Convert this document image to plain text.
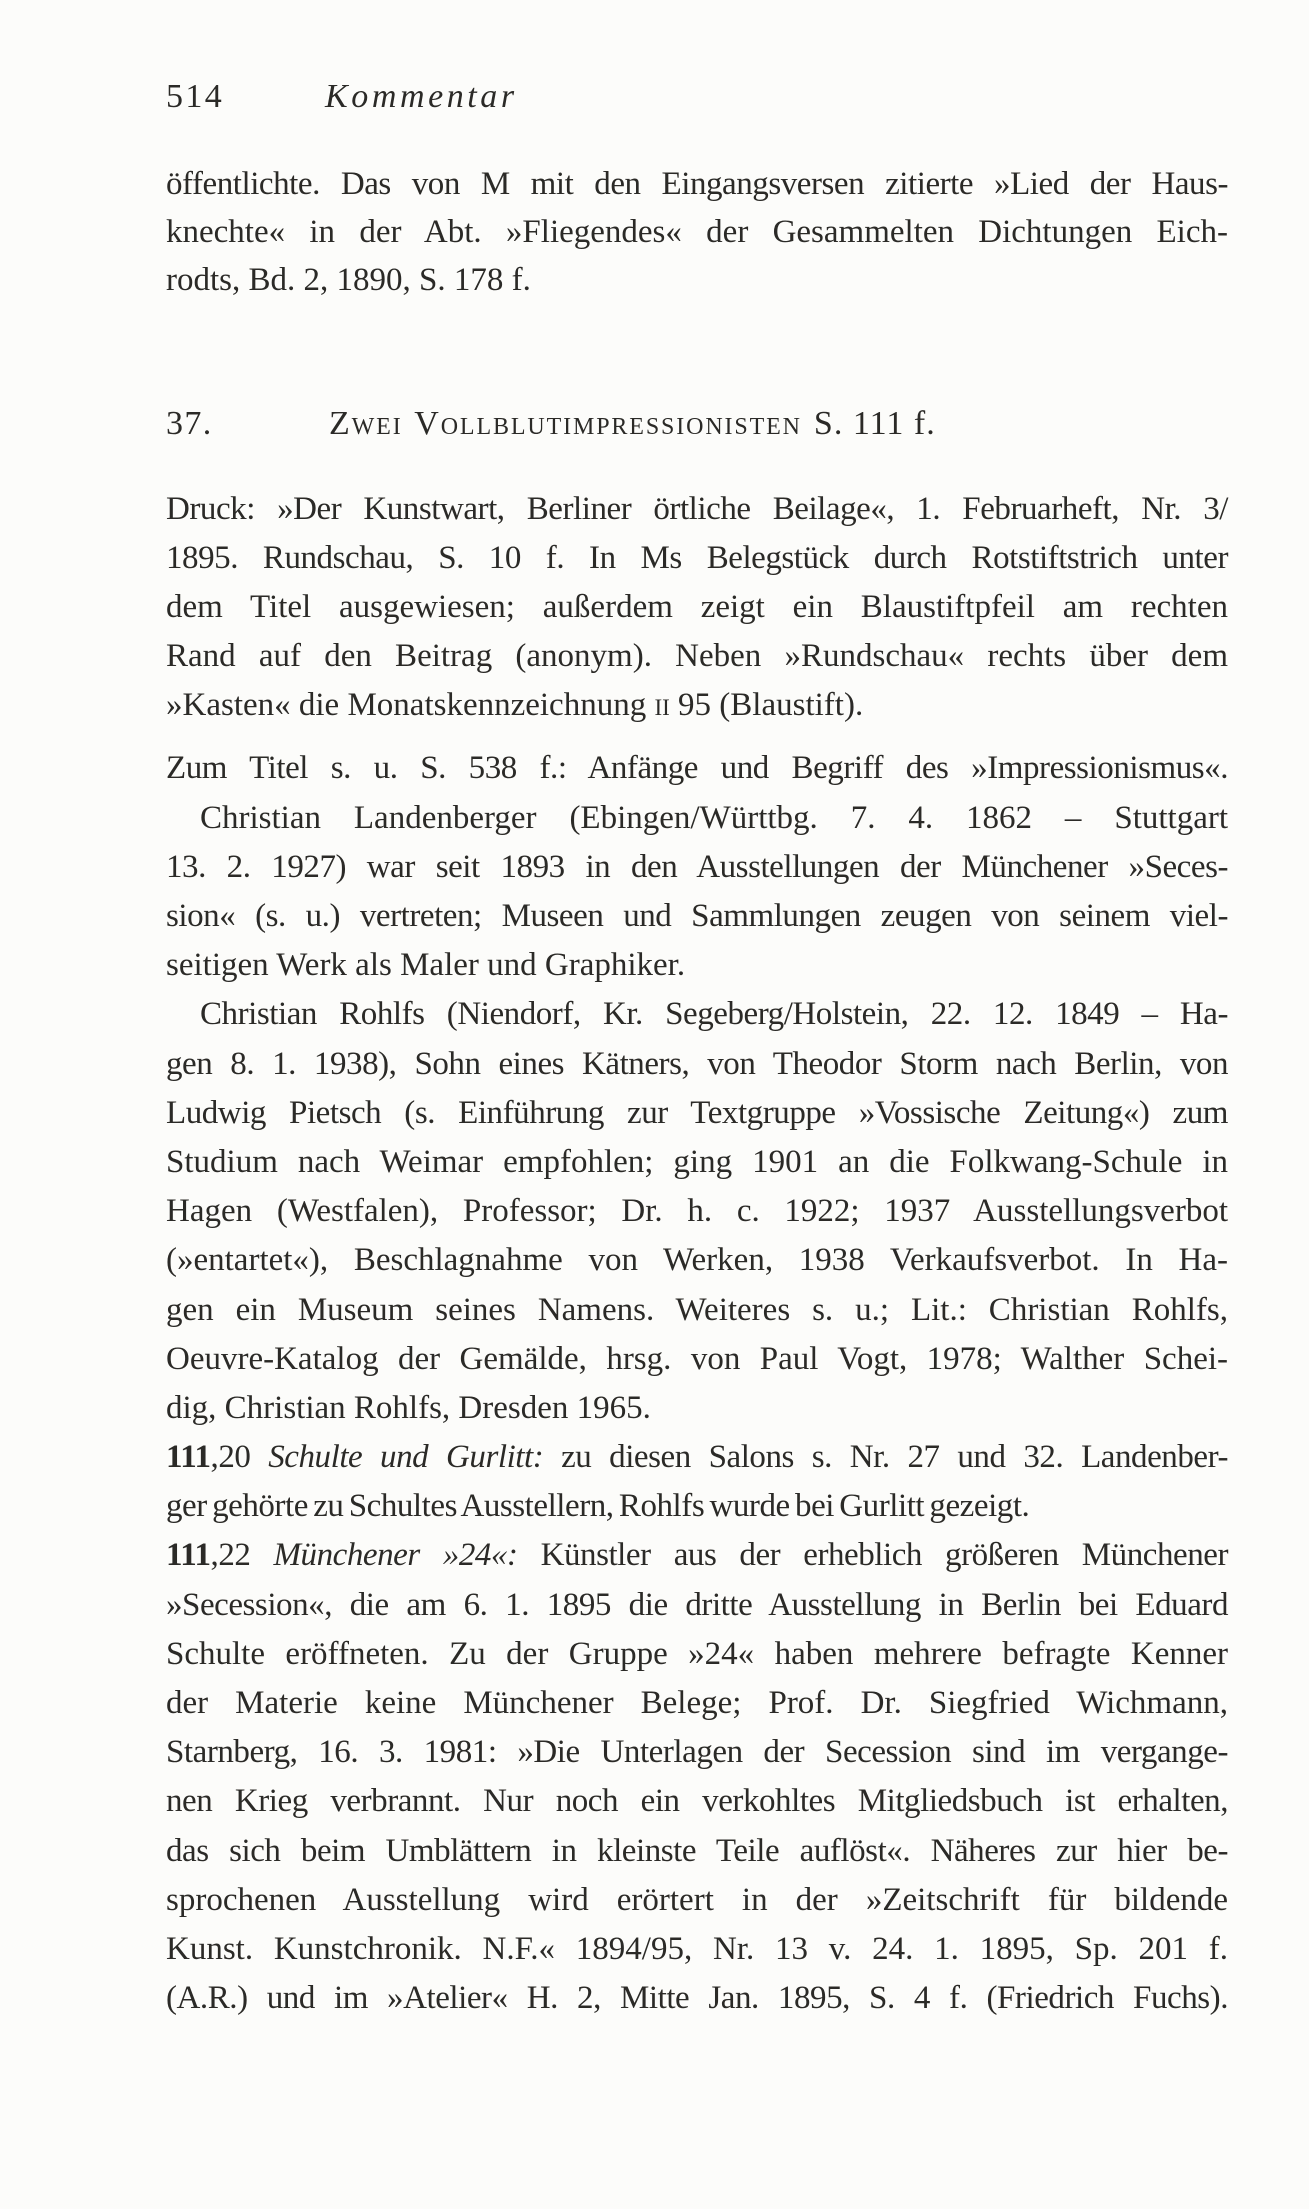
514	Kommentar
öffentlichte. Das von M mit den Eingangsversen zitierte »Lied der Haus-
knechte« in der Abt. »Fliegendes« der Gesammelten Dichtungen Eich-
rodts, Bd. 2, 1890, S. 178 f.
37.	Zwei Vollblutimpressionisten S. 111 f.
Druck: »Der Kunstwart, Berliner örtliche Beilage«, 1. Februarheft, Nr. 3/
1895. Rundschau, S. 10 f. In Ms Belegstück durch Rotstiftstrich unter
dem Titel ausgewiesen; außerdem zeigt ein Blaustiftpfeil am rechten
Rand auf den Beitrag (anonym). Neben »Rundschau« rechts über dem
»Kasten« die Monatskennzeichnung ii 95 (Blaustift).
Zum Titel s. u. S. 538 f.: Anfänge und Begriff des »Impressionismus«.
Christian Landenberger (Ebingen/Württbg. 7. 4. 1862 – Stuttgart
13. 2. 1927) war seit 1893 in den Ausstellungen der Münchener »Seces-
sion« (s. u.) vertreten; Museen und Sammlungen zeugen von seinem viel-
seitigen Werk als Maler und Graphiker.
Christian Rohlfs (Niendorf, Kr. Segeberg/Holstein, 22. 12. 1849 – Ha-
gen 8. 1. 1938), Sohn eines Kätners, von Theodor Storm nach Berlin, von
Ludwig Pietsch (s. Einführung zur Textgruppe »Vossische Zeitung«) zum
Studium nach Weimar empfohlen; ging 1901 an die Folkwang-Schule in
Hagen (Westfalen), Professor; Dr. h. c. 1922; 1937 Ausstellungsverbot
(»entartet«), Beschlagnahme von Werken, 1938 Verkaufsverbot. In Ha-
gen ein Museum seines Namens. Weiteres s. u.; Lit.: Christian Rohlfs,
Oeuvre-Katalog der Gemälde, hrsg. von Paul Vogt, 1978; Walther Schei-
dig, Christian Rohlfs, Dresden 1965.
111,20 Schulte und Gurlitt: zu diesen Salons s. Nr. 27 und 32. Landenber-
ger gehörte zu Schultes Ausstellern, Rohlfs wurde bei Gurlitt gezeigt.
111,22 Münchener »24«: Künstler aus der erheblich größeren Münchener
»Secession«, die am 6. 1. 1895 die dritte Ausstellung in Berlin bei Eduard
Schulte eröffneten. Zu der Gruppe »24« haben mehrere befragte Kenner
der Materie keine Münchener Belege; Prof. Dr. Siegfried Wichmann,
Starnberg, 16. 3. 1981: »Die Unterlagen der Secession sind im vergange-
nen Krieg verbrannt. Nur noch ein verkohltes Mitgliedsbuch ist erhalten,
das sich beim Umblättern in kleinste Teile auflöst«. Näheres zur hier be-
sprochenen Ausstellung wird erörtert in der »Zeitschrift für bildende
Kunst. Kunstchronik. N.F.« 1894/95, Nr. 13 v. 24. 1. 1895, Sp. 201 f.
(A.R.) und im »Atelier« H. 2, Mitte Jan. 1895, S. 4 f. (Friedrich Fuchs).
